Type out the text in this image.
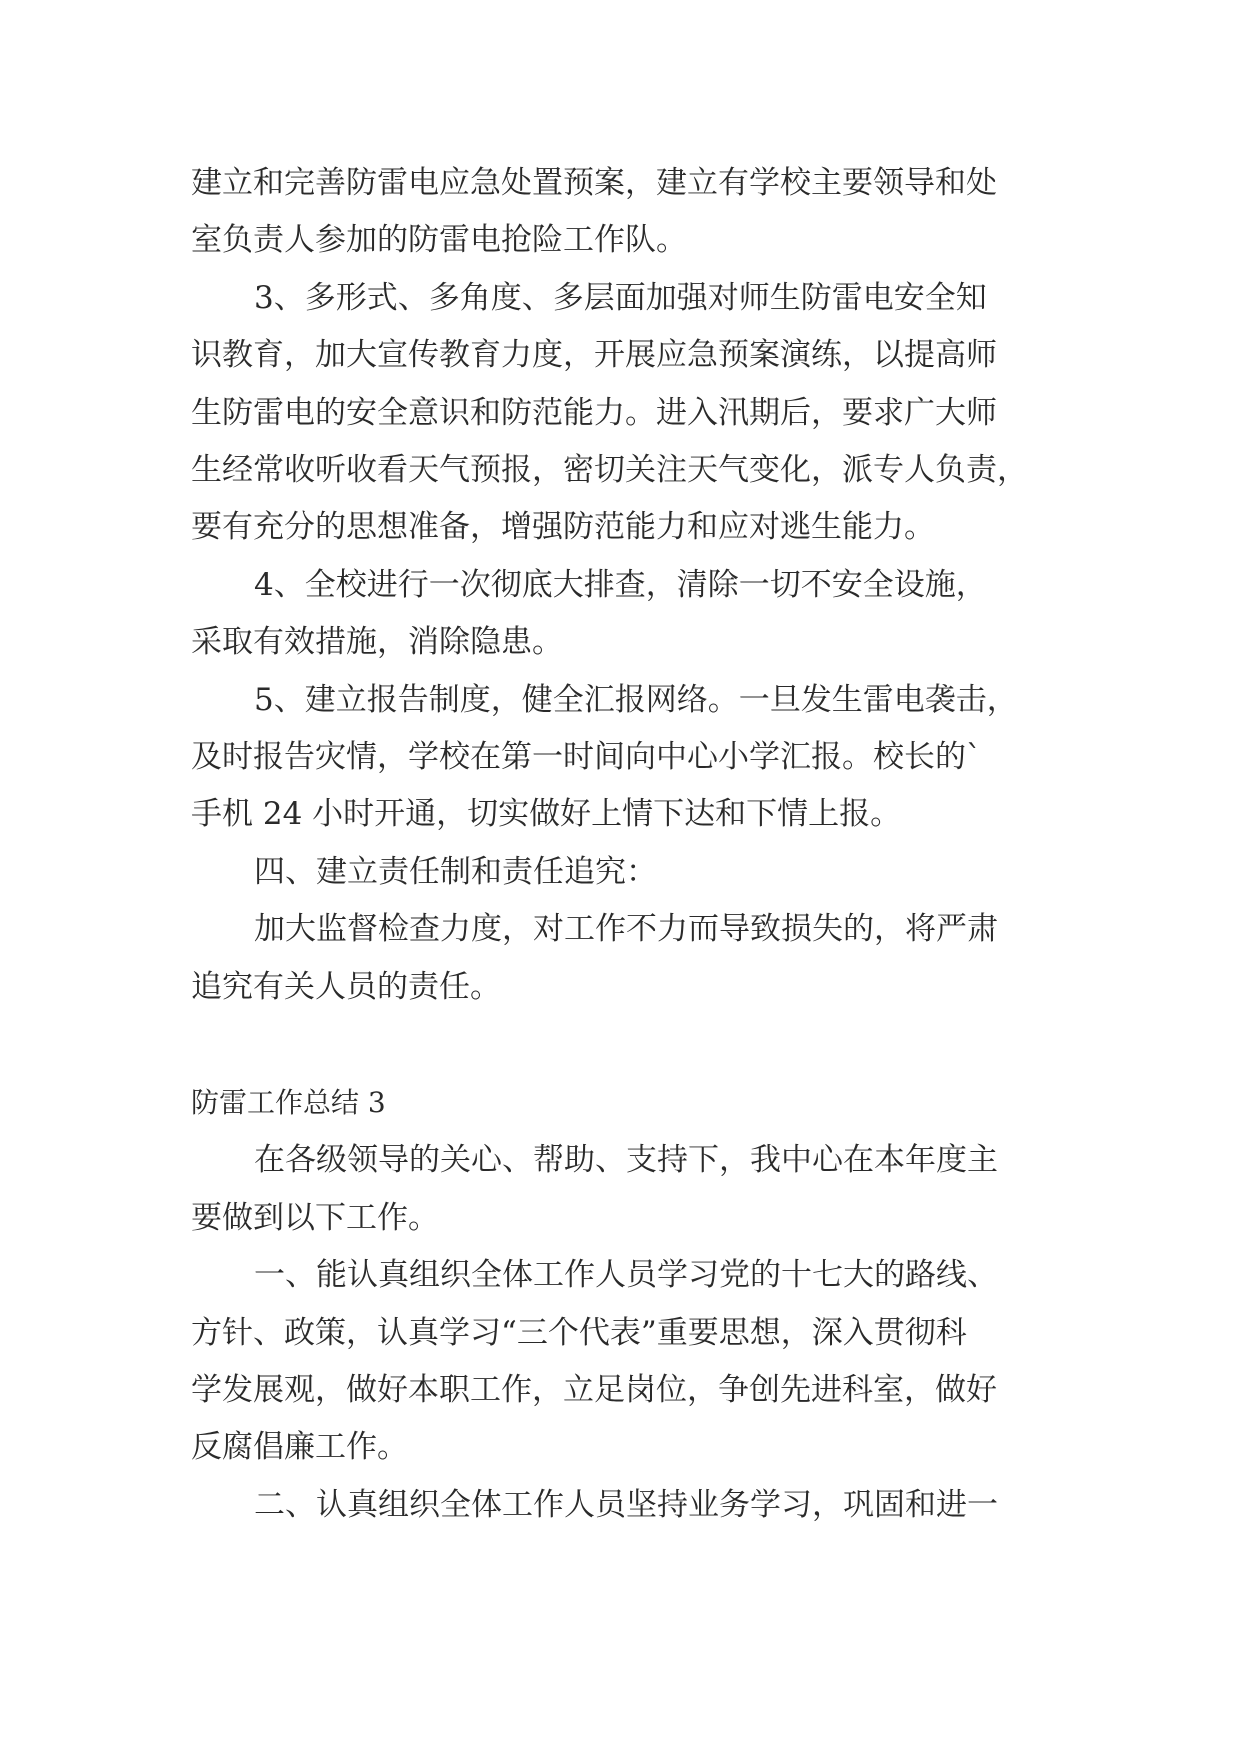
建立和完善防雷电应急处置预案，建立有学校主要领导和处
室负责人参加的防雷电抢险工作队。
3、多形式、多角度、多层面加强对师生防雷电安全知
识教育，加大宣传教育力度，开展应急预案演练，以提高师
生防雷电的安全意识和防范能力。进入汛期后，要求广大师
生经常收听收看天气预报，密切关注天气变化，派专人负责，
要有充分的思想准备，增强防范能力和应对逃生能力。
4、全校进行一次彻底大排查，清除一切不安全设施，
采取有效措施，消除隐患。
5、建立报告制度，健全汇报网络。一旦发生雷电袭击，
及时报告灾情，学校在第一时间向中心小学汇报。校长的`
手机 24 小时开通，切实做好上情下达和下情上报。
四、建立责任制和责任追究：
加大监督检查力度，对工作不力而导致损失的，将严肃
追究有关人员的责任。
防雷工作总结 3
在各级领导的关心、帮助、支持下，我中心在本年度主
要做到以下工作。
一、能认真组织全体工作人员学习党的十七大的路线、
方针、政策，认真学习“三个代表”重要思想，深入贯彻科
学发展观，做好本职工作，立足岗位，争创先进科室，做好
反腐倡廉工作。
二、认真组织全体工作人员坚持业务学习，巩固和进一
